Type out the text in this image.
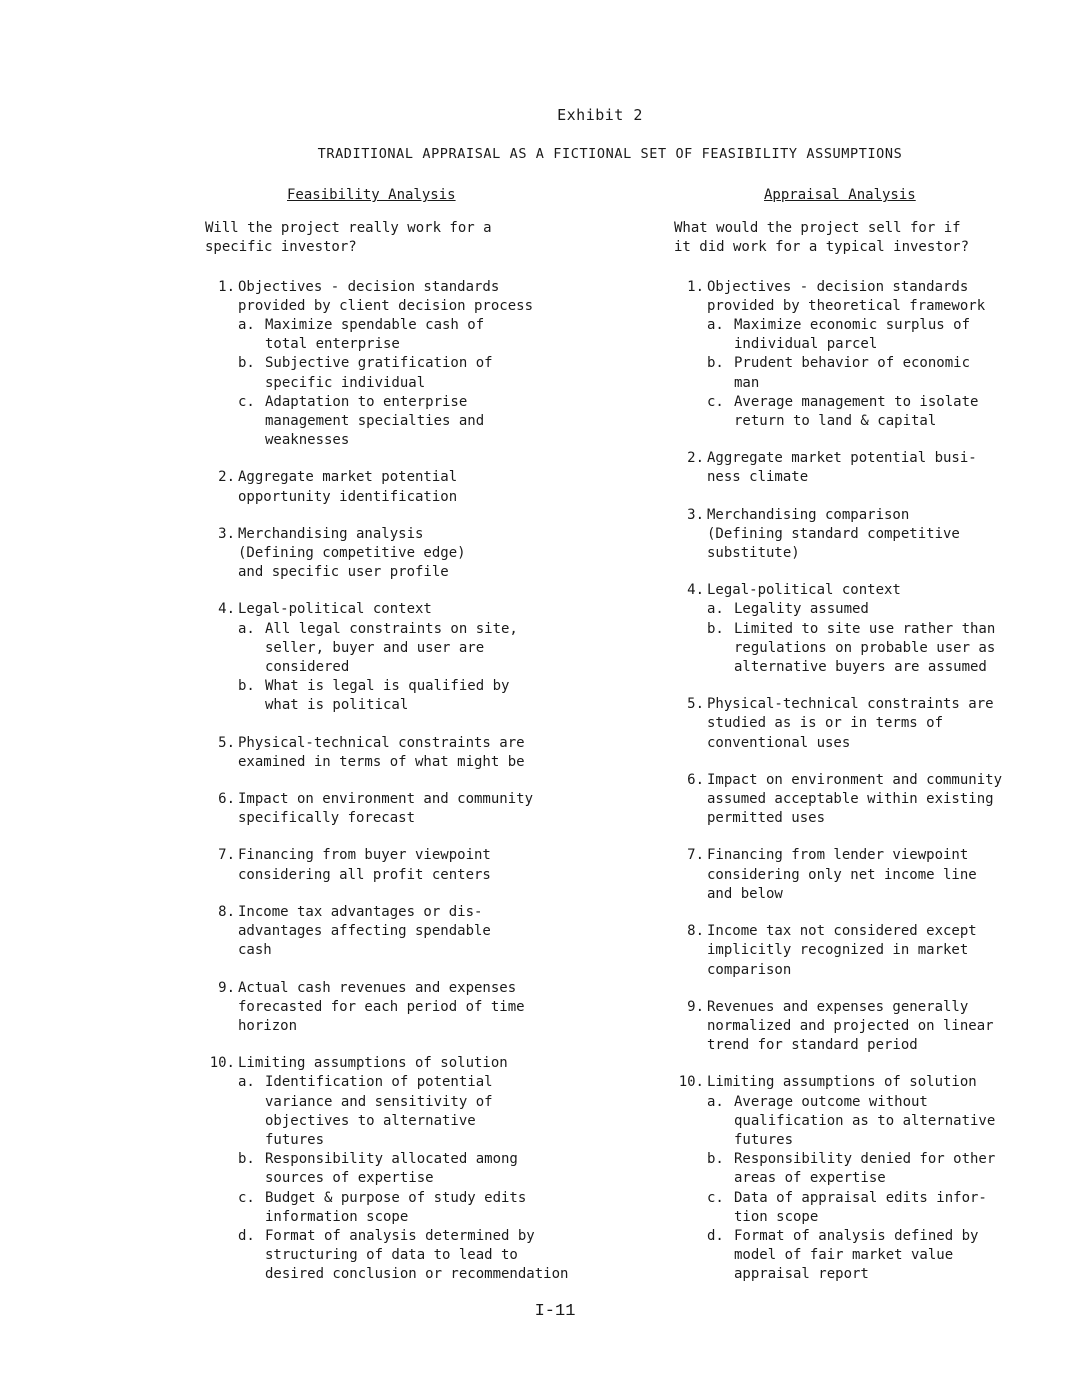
Exhibit 2
TRADITIONAL APPRAISAL AS A FICTIONAL SET OF FEASIBILITY ASSUMPTIONS
Feasibility Analysis
Will the project really work for a
specific investor?
1. Objectives - decision standards
provided by client decision process
a. Maximize spendable cash of
total enterprise
b. Subjective gratification of
specific individual
c. Adaptation to enterprise
management specialties and
weaknesses
2. Aggregate market potential
opportunity identification
3. Merchandising analysis
(Defining competitive edge)
and specific user profile
4. Legal-political context
a. All legal constraints on site,
seller, buyer and user are
considered
b. What is legal is qualified by
what is political
5. Physical-technical constraints are
examined in terms of what might be
6. Impact on environment and community
specifically forecast
7. Financing from buyer viewpoint
considering all profit centers
8. Income tax advantages or dis-
advantages affecting spendable
cash
9. Actual cash revenues and expenses
forecasted for each period of time
horizon
10. Limiting assumptions of solution
a. Identification of potential
variance and sensitivity of
objectives to alternative
futures
b. Responsibility allocated among
sources of expertise
c. Budget & purpose of study edits
information scope
d. Format of analysis determined by
structuring of data to lead to
desired conclusion or recommendation
Appraisal Analysis
What would the project sell for if
it did work for a typical investor?
1. Objectives - decision standards
provided by theoretical framework
a. Maximize economic surplus of
individual parcel
b. Prudent behavior of economic
man
c. Average management to isolate
return to land & capital
2. Aggregate market potential busi-
ness climate
3. Merchandising comparison
(Defining standard competitive
substitute)
4. Legal-political context
a. Legality assumed
b. Limited to site use rather than
regulations on probable user as
alternative buyers are assumed
5. Physical-technical constraints are
studied as is or in terms of
conventional uses
6. Impact on environment and community
assumed acceptable within existing
permitted uses
7. Financing from lender viewpoint
considering only net income line
and below
8. Income tax not considered except
implicitly recognized in market
comparison
9. Revenues and expenses generally
normalized and projected on linear
trend for standard period
10. Limiting assumptions of solution
a. Average outcome without
qualification as to alternative
futures
b. Responsibility denied for other
areas of expertise
c. Data of appraisal edits infor-
tion scope
d. Format of analysis defined by
model of fair market value
appraisal report
I-11
